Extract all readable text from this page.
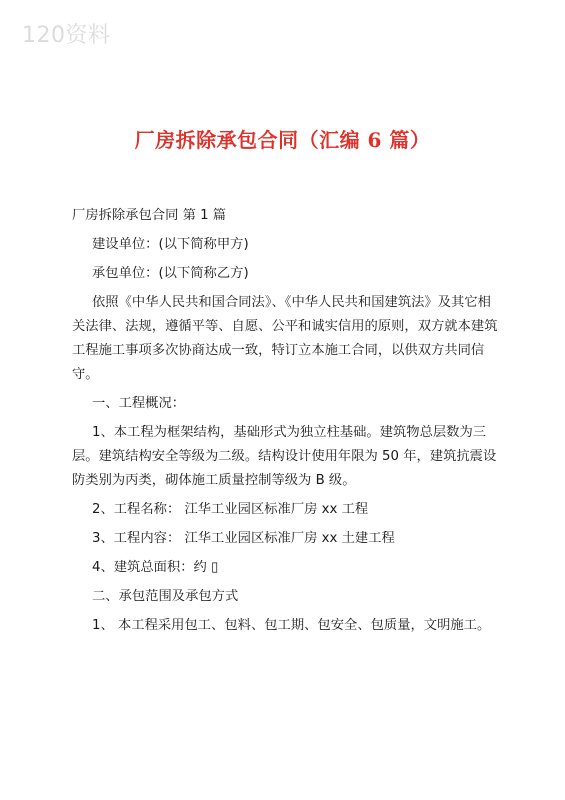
120资料
厂房拆除承包合同（汇编 6 篇）

厂房拆除承包合同 第 1 篇

建设单位：(以下简称甲方)

承包单位：(以下简称乙方)

依照《中华人民共和国合同法》、《中华人民共和国建筑法》及其它相关法律、法规，遵循平等、自愿、公平和诚实信用的原则，双方就本建筑工程施工事项多次协商达成一致，特订立本施工合同，以供双方共同信守。

一、工程概况：

1、本工程为框架结构，基础形式为独立柱基础。建筑物总层数为三层。建筑结构安全等级为二级。结构设计使用年限为 50 年，建筑抗震设防类别为丙类，砌体施工质量控制等级为 B 级。

2、工程名称： 江华工业园区标准厂房 xx 工程

3、工程内容： 江华工业园区标准厂房 xx 土建工程

4、建筑总面积：约 ▯

二、承包范围及承包方式

1、 本工程采用包工、包料、包工期、包安全、包质量，文明施工。
